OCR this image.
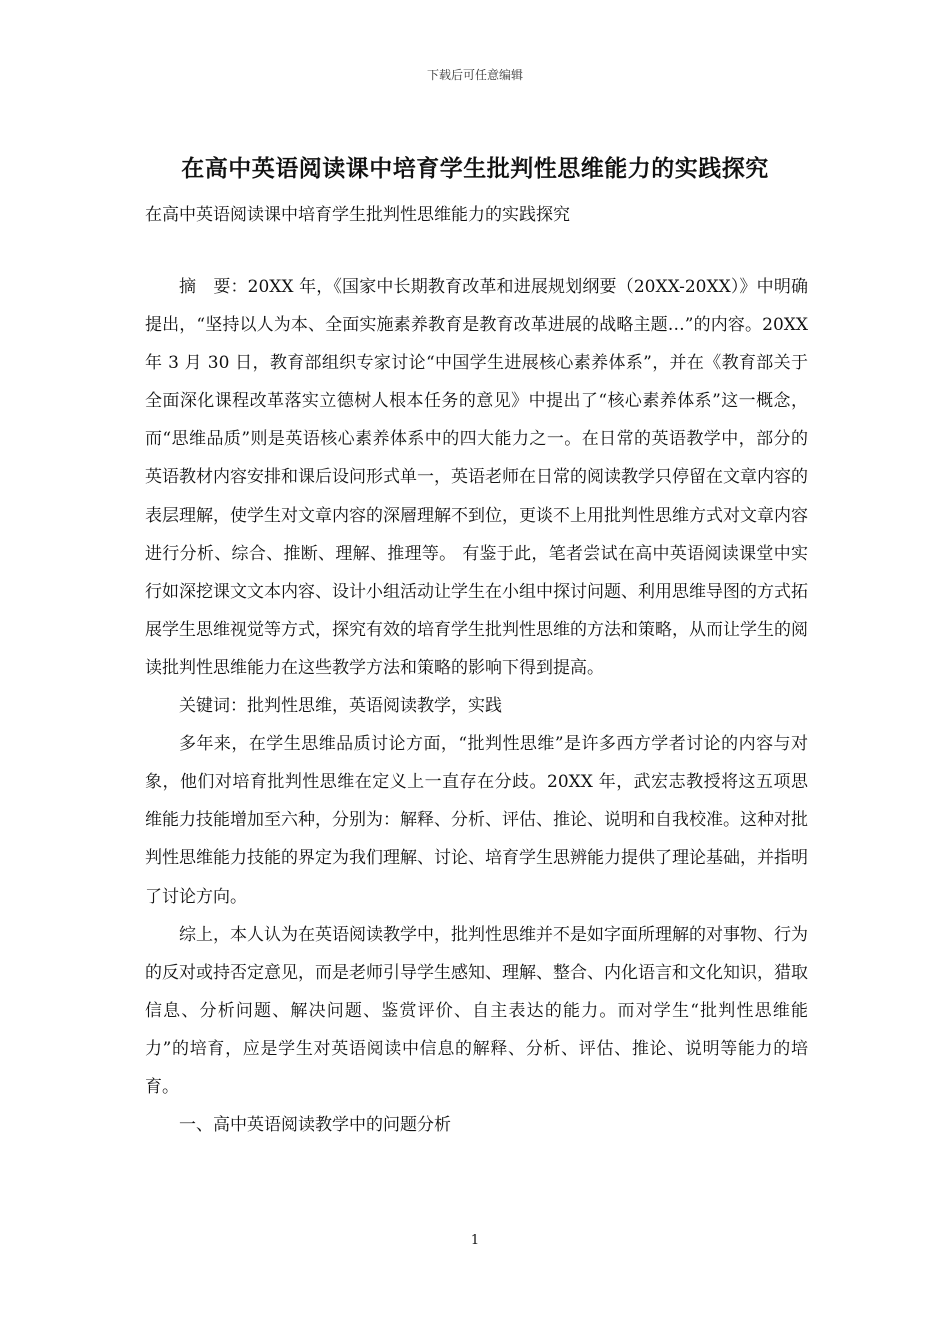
下载后可任意编辑
在高中英语阅读课中培育学生批判性思维能力的实践探究
在高中英语阅读课中培育学生批判性思维能力的实践探究

摘　要：20XX 年，《国家中长期教育改革和进展规划纲要（20XX-20XX）》中明确提出，“坚持以人为本、全面实施素养教育是教育改革进展的战略主题…”的内容。20XX 年 3 月 30 日，教育部组织专家讨论“中国学生进展核心素养体系”，并在《教育部关于全面深化课程改革落实立德树人根本任务的意见》中提出了“核心素养体系”这一概念，而“思维品质”则是英语核心素养体系中的四大能力之一。在日常的英语教学中，部分的英语教材内容安排和课后设问形式单一，英语老师在日常的阅读教学只停留在文章内容的表层理解，使学生对文章内容的深層理解不到位，更谈不上用批判性思维方式对文章内容进行分析、综合、推断、理解、推理等。 有鉴于此，笔者尝试在高中英语阅读课堂中实行如深挖课文文本内容、设计小组活动让学生在小组中探讨问题、利用思维导图的方式拓展学生思维视觉等方式，探究有效的培育学生批判性思维的方法和策略，从而让学生的阅读批判性思维能力在这些教学方法和策略的影响下得到提高。

关键词：批判性思维，英语阅读教学，实践

多年来，在学生思维品质讨论方面，“批判性思维”是许多西方学者讨论的内容与对象，他们对培育批判性思维在定义上一直存在分歧。20XX 年，武宏志教授将这五项思维能力技能增加至六种，分别为：解释、分析、评估、推论、说明和自我校准。这种对批判性思维能力技能的界定为我们理解、讨论、培育学生思辨能力提供了理论基础，并指明了讨论方向。

综上，本人认为在英语阅读教学中，批判性思维并不是如字面所理解的对事物、行为的反对或持否定意见，而是老师引导学生感知、理解、整合、内化语言和文化知识，猎取信息、分析问题、解决问题、鉴赏评价、自主表达的能力。而对学生“批判性思维能力”的培育，应是学生对英语阅读中信息的解释、分析、评估、推论、说明等能力的培育。

一、高中英语阅读教学中的问题分析

1
